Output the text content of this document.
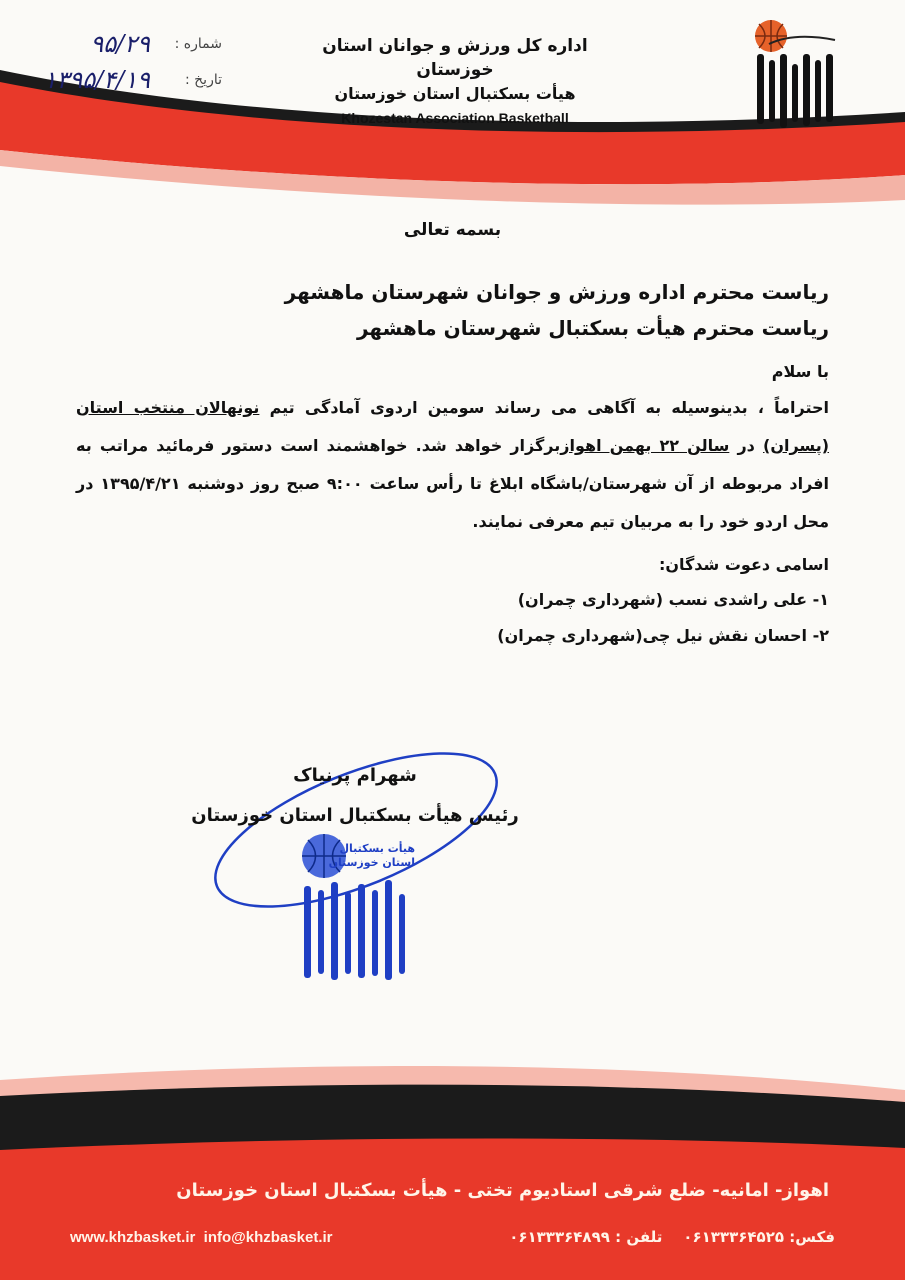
اداره کل ورزش و جوانان استان خوزستان
هیأت بسکتبال استان خوزستان
Khozestan Association Basketball
شماره :
۹۵/۲۹
تاریخ :
۱۳۹۵/۴/۱۹
بسمه تعالی
ریاست محترم اداره ورزش و جوانان شهرستان ماهشهر
ریاست محترم هیأت بسکتبال شهرستان ماهشهر
با سلام

احتراماً ، بدینوسیله به آگاهی می رساند سومین اردوی آمادگی تیم نونهالان منتخب استان (پسران) در سالن ۲۲ بهمن اهوازبرگزار خواهد شد. خواهشمند است دستور فرمائید مراتب به افراد مربوطه از آن شهرستان/باشگاه ابلاغ تا رأس ساعت ۹:۰۰ صبح روز دوشنبه ۱۳۹۵/۴/۲۱ در محل اردو خود را به مربیان تیم معرفی نمایند.

اسامی دعوت شدگان:
۱- علی راشدی نسب (شهرداری چمران)
۲- احسان نقش نیل چی(شهرداری چمران)
شهرام پرنیاک
رئیس هیأت بسکتبال استان خوزستان
هیأت بسکتبال
استان خوزستان
اهواز- امانیه- ضلع شرقی استادیوم تختی - هیأت بسکتبال استان خوزستان
www.khzbasket.ir info@khzbasket.ir	فکس: ۰۶۱۳۳۳۶۴۵۲۵    تلفن : ۰۶۱۳۳۳۶۴۸۹۹
